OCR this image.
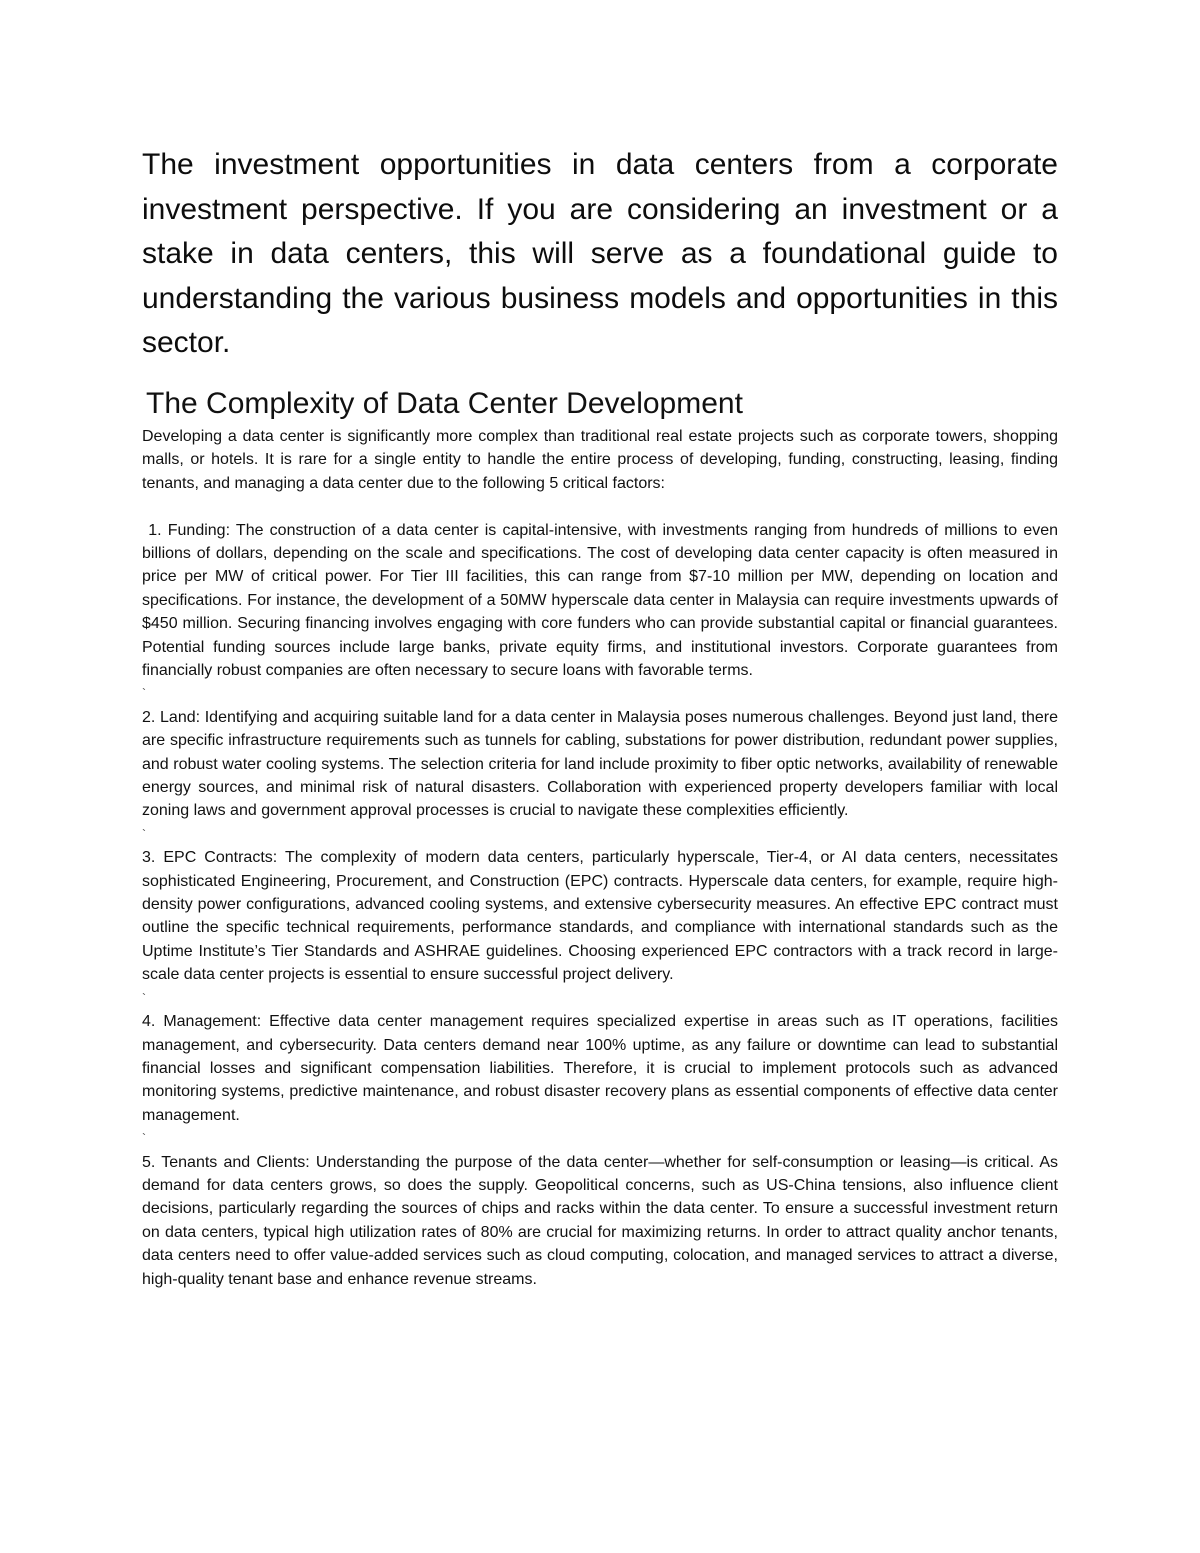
The investment opportunities in data centers from a corporate investment perspective. If you are considering an investment or a stake in data centers, this will serve as a foundational guide to understanding the various business models and opportunities in this sector.

The Complexity of Data Center Development

Developing a data center is significantly more complex than traditional real estate projects such as corporate towers, shopping malls, or hotels. It is rare for a single entity to handle the entire process of developing, funding, constructing, leasing, finding tenants, and managing a data center due to the following 5 critical factors:

1. Funding: The construction of a data center is capital-intensive, with investments ranging from hundreds of millions to even billions of dollars, depending on the scale and specifications. The cost of developing data center capacity is often measured in price per MW of critical power. For Tier III facilities, this can range from $7-10 million per MW, depending on location and specifications. For instance, the development of a 50MW hyperscale data center in Malaysia can require investments upwards of $450 million. Securing financing involves engaging with core funders who can provide substantial capital or financial guarantees. Potential funding sources include large banks, private equity firms, and institutional investors. Corporate guarantees from financially robust companies are often necessary to secure loans with favorable terms.

`

2. Land: Identifying and acquiring suitable land for a data center in Malaysia poses numerous challenges. Beyond just land, there are specific infrastructure requirements such as tunnels for cabling, substations for power distribution, redundant power supplies, and robust water cooling systems. The selection criteria for land include proximity to fiber optic networks, availability of renewable energy sources, and minimal risk of natural disasters. Collaboration with experienced property developers familiar with local zoning laws and government approval processes is crucial to navigate these complexities efficiently.

`

3. EPC Contracts: The complexity of modern data centers, particularly hyperscale, Tier-4, or AI data centers, necessitates sophisticated Engineering, Procurement, and Construction (EPC) contracts. Hyperscale data centers, for example, require high-density power configurations, advanced cooling systems, and extensive cybersecurity measures. An effective EPC contract must outline the specific technical requirements, performance standards, and compliance with international standards such as the Uptime Institute’s Tier Standards and ASHRAE guidelines. Choosing experienced EPC contractors with a track record in large-scale data center projects is essential to ensure successful project delivery.

`

4. Management: Effective data center management requires specialized expertise in areas such as IT operations, facilities management, and cybersecurity. Data centers demand near 100% uptime, as any failure or downtime can lead to substantial financial losses and significant compensation liabilities. Therefore, it is crucial to implement protocols such as advanced monitoring systems, predictive maintenance, and robust disaster recovery plans as essential components of effective data center management.

`

5. Tenants and Clients: Understanding the purpose of the data center—whether for self-consumption or leasing—is critical. As demand for data centers grows, so does the supply. Geopolitical concerns, such as US-China tensions, also influence client decisions, particularly regarding the sources of chips and racks within the data center. To ensure a successful investment return on data centers, typical high utilization rates of 80% are crucial for maximizing returns. In order to attract quality anchor tenants, data centers need to offer value-added services such as cloud computing, colocation, and managed services to attract a diverse, high-quality tenant base and enhance revenue streams.
